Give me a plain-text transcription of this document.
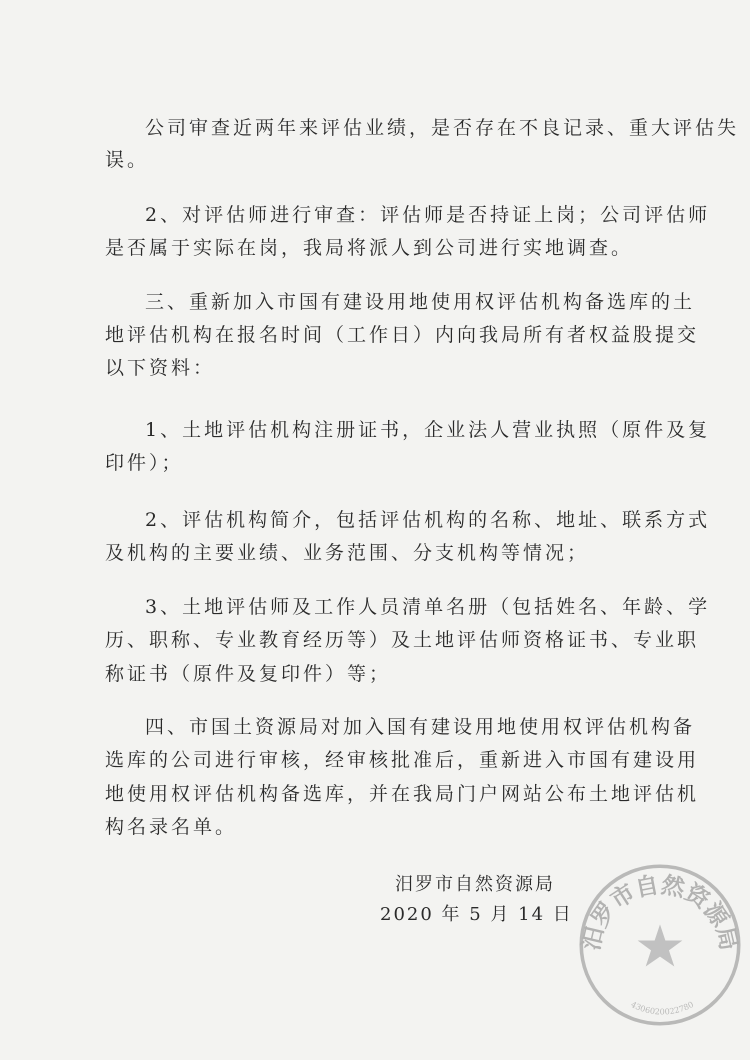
公司审查近两年来评估业绩，是否存在不良记录、重大评估失
误。
2、对评估师进行审查：评估师是否持证上岗；公司评估师
是否属于实际在岗，我局将派人到公司进行实地调查。
三、重新加入市国有建设用地使用权评估机构备选库的土
地评估机构在报名时间（工作日）内向我局所有者权益股提交
以下资料：
1、土地评估机构注册证书，企业法人营业执照（原件及复
印件）；
2、评估机构简介，包括评估机构的名称、地址、联系方式
及机构的主要业绩、业务范围、分支机构等情况；
3、土地评估师及工作人员清单名册（包括姓名、年龄、学
历、职称、专业教育经历等）及土地评估师资格证书、专业职
称证书（原件及复印件）等；
四、市国土资源局对加入国有建设用地使用权评估机构备
选库的公司进行审核，经审核批准后，重新进入市国有建设用
地使用权评估机构备选库，并在我局门户网站公布土地评估机
构名录名单。
汨罗市自然资源局
2020 年 5 月 14 日
汨罗市自然资源局
4306020022780
